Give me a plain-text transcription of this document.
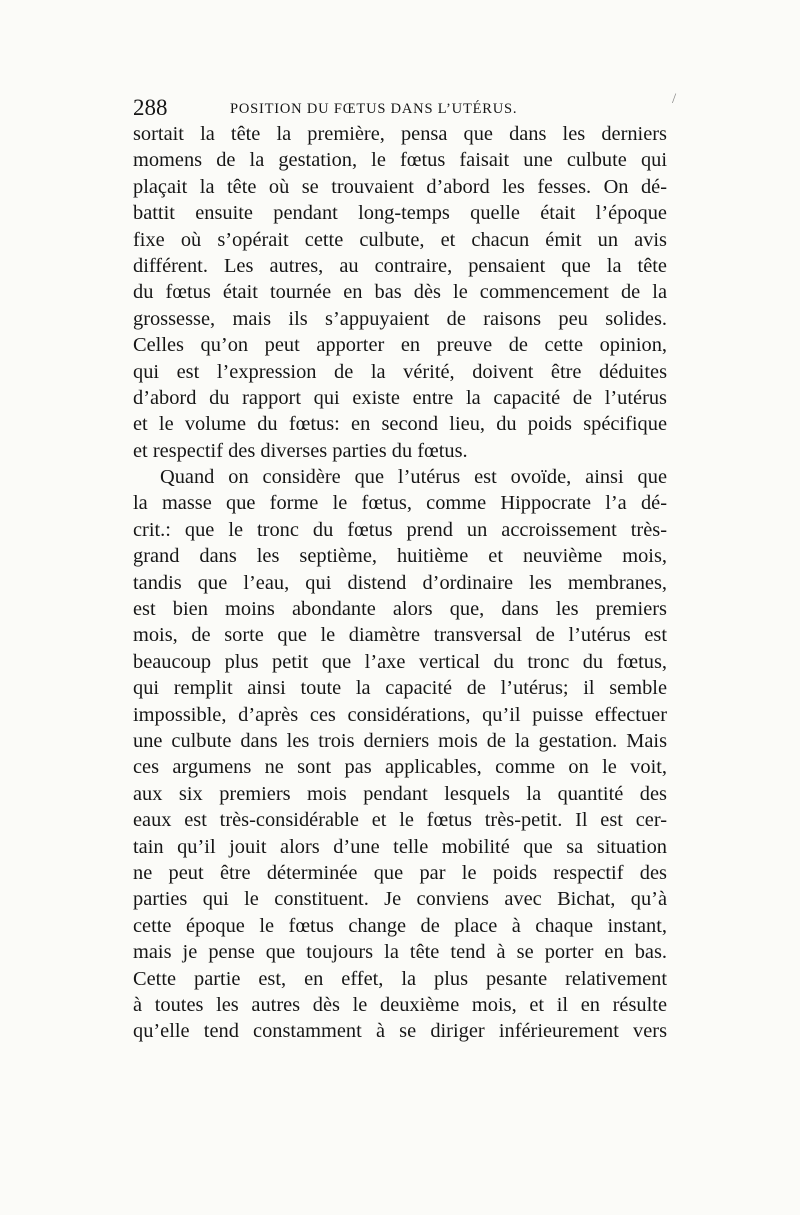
288	POSITION DU FŒTUS DANS L’UTÉRUS.
/
sortait la tête la première, pensa que dans les derniers
momens de la gestation, le fœtus faisait une culbute qui
plaçait la tête où se trouvaient d’abord les fesses. On dé-
battit ensuite pendant long-temps quelle était l’époque
fixe où s’opérait cette culbute, et chacun émit un avis
différent. Les autres, au contraire, pensaient que la tête
du fœtus était tournée en bas dès le commencement de la
grossesse, mais ils s’appuyaient de raisons peu solides.
Celles qu’on peut apporter en preuve de cette opinion,
qui est l’expression de la vérité, doivent être déduites
d’abord du rapport qui existe entre la capacité de l’utérus
et le volume du fœtus: en second lieu, du poids spécifique
et respectif des diverses parties du fœtus.
Quand on considère que l’utérus est ovoïde, ainsi que
la masse que forme le fœtus, comme Hippocrate l’a dé-
crit.: que le tronc du fœtus prend un accroissement très-
grand dans les septième, huitième et neuvième mois,
tandis que l’eau, qui distend d’ordinaire les membranes,
est bien moins abondante alors que, dans les premiers
mois, de sorte que le diamètre transversal de l’utérus est
beaucoup plus petit que l’axe vertical du tronc du fœtus,
qui remplit ainsi toute la capacité de l’utérus; il semble
impossible, d’après ces considérations, qu’il puisse effectuer
une culbute dans les trois derniers mois de la gestation. Mais
ces argumens ne sont pas applicables, comme on le voit,
aux six premiers mois pendant lesquels la quantité des
eaux est très-considérable et le fœtus très-petit. Il est cer-
tain qu’il jouit alors d’une telle mobilité que sa situation
ne peut être déterminée que par le poids respectif des
parties qui le constituent. Je conviens avec Bichat, qu’à
cette époque le fœtus change de place à chaque instant,
mais je pense que toujours la tête tend à se porter en bas.
Cette partie est, en effet, la plus pesante relativement
à toutes les autres dès le deuxième mois, et il en résulte
qu’elle tend constamment à se diriger inférieurement vers
